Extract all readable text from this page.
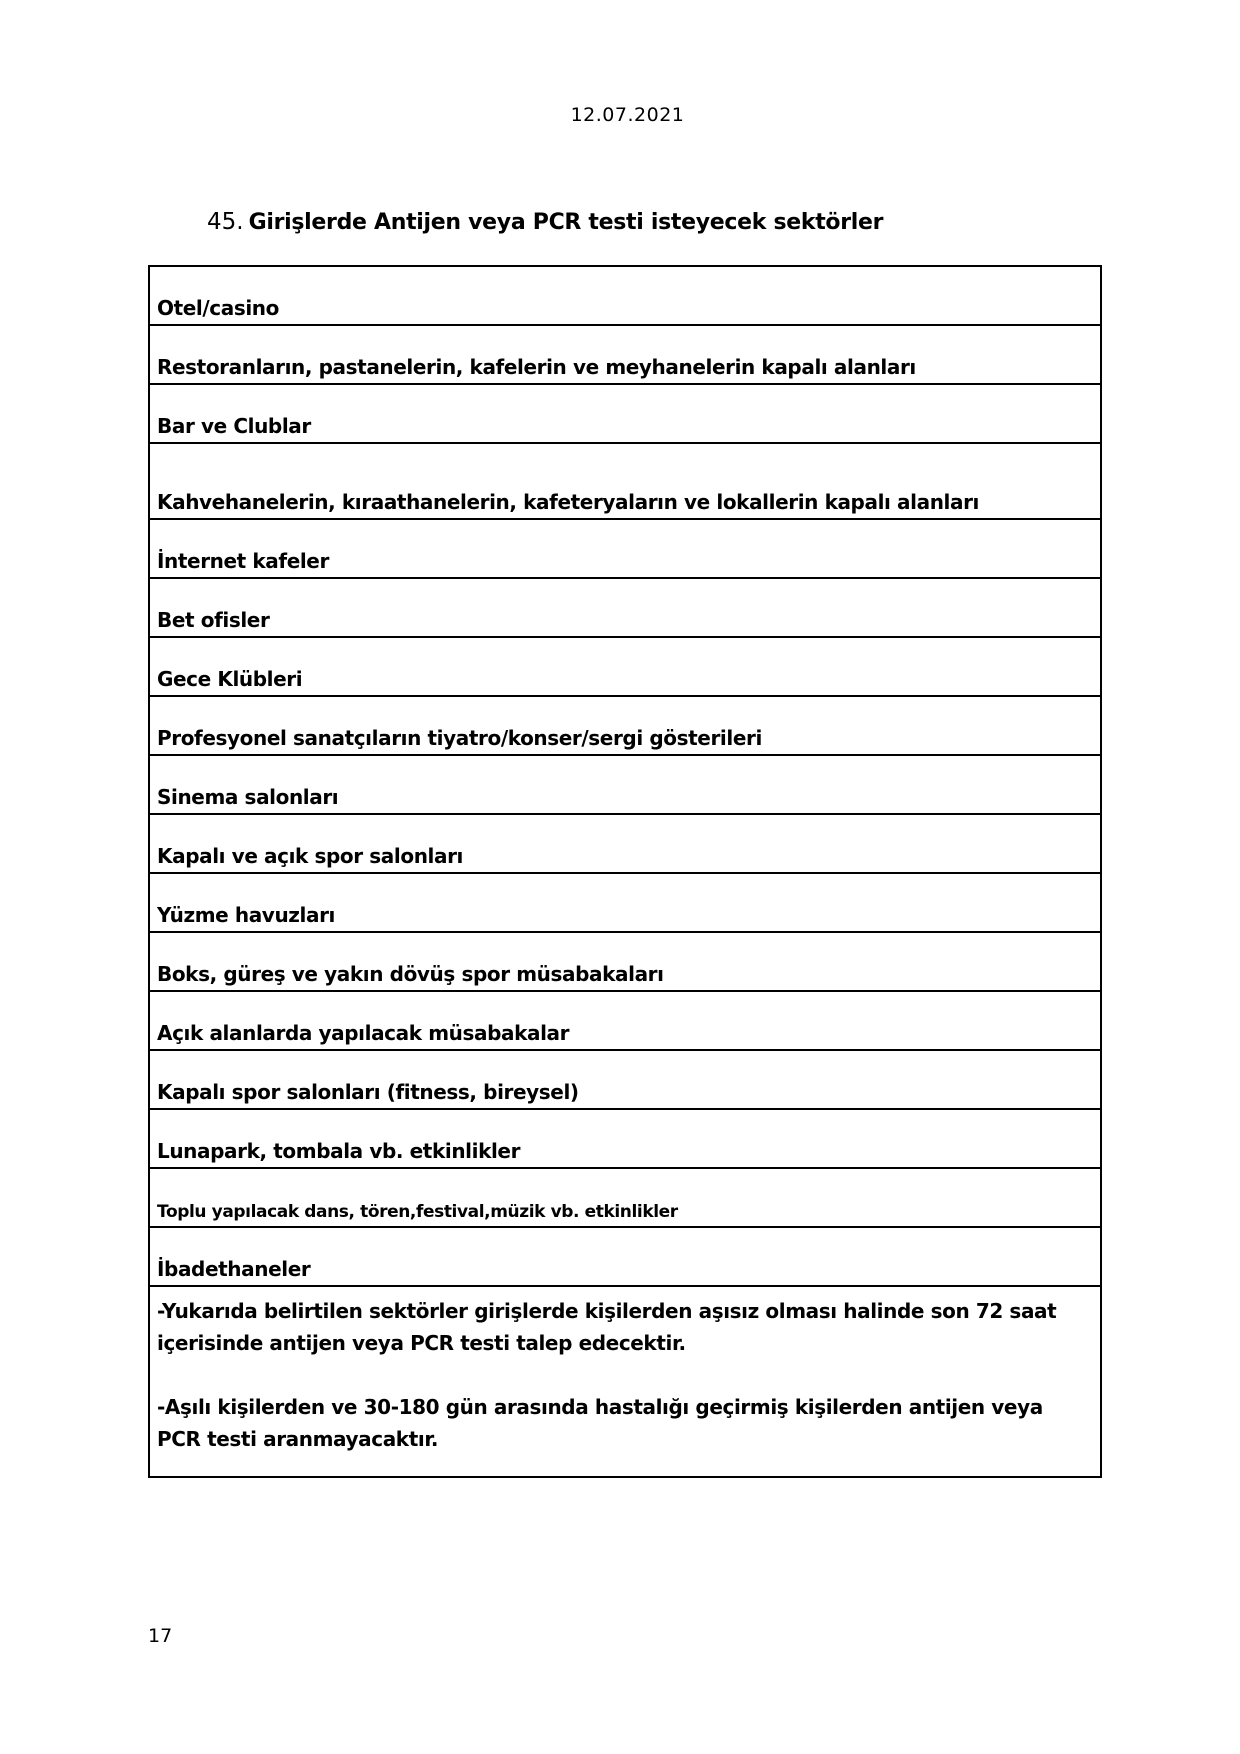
12.07.2021
45. Girişlerde Antijen veya PCR testi isteyecek sektörler
Otel/casino
Restoranların, pastanelerin, kafelerin ve meyhanelerin kapalı alanları
Bar ve Clublar
Kahvehanelerin, kıraathanelerin, kafeteryaların ve lokallerin kapalı alanları
İnternet kafeler
Bet ofisler
Gece Klübleri
Profesyonel sanatçıların tiyatro/konser/sergi gösterileri
Sinema salonları
Kapalı ve açık spor salonları
Yüzme havuzları
Boks, güreş ve yakın dövüş spor müsabakaları
Açık alanlarda yapılacak müsabakalar
Kapalı spor salonları (fitness, bireysel)
Lunapark, tombala vb. etkinlikler
Toplu yapılacak dans, tören,festival,müzik vb. etkinlikler
İbadethaneler

-Yukarıda belirtilen sektörler girişlerde kişilerden aşısız olması halinde son 72 saat içerisinde antijen veya PCR testi talep edecektir.

-Aşılı kişilerden ve 30-180 gün arasında hastalığı geçirmiş kişilerden antijen veya PCR testi aranmayacaktır.

17
